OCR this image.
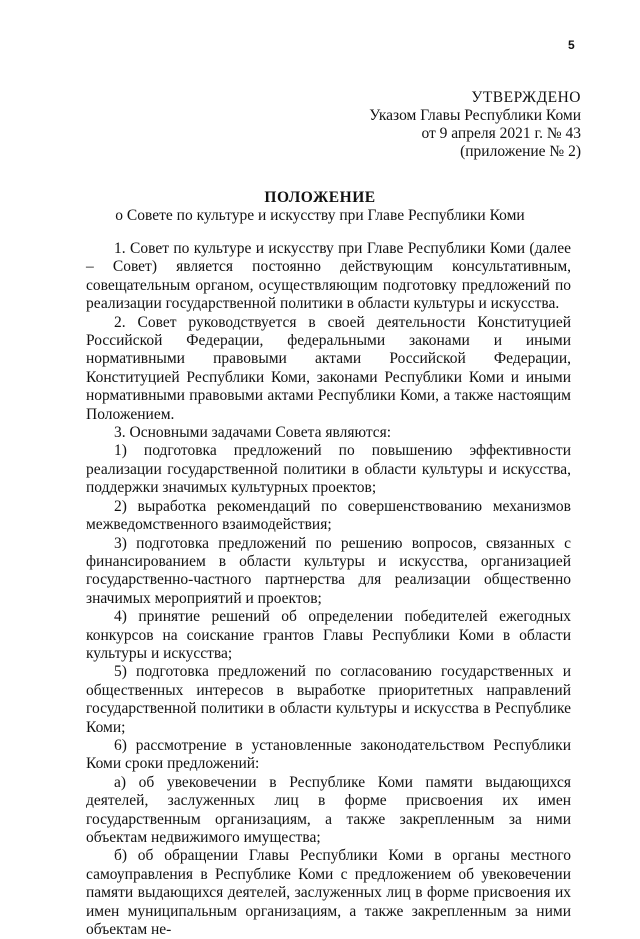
5
УТВЕРЖДЕНО
Указом Главы Республики Коми
от 9 апреля 2021 г. № 43
(приложение № 2)
ПОЛОЖЕНИЕ
о Совете по культуре и искусству при Главе Республики Коми

1. Совет по культуре и искусству при Главе Республики Коми (далее – Совет) является постоянно действующим консультативным, совещательным органом, осуществляющим подготовку предложений по реализации государственной политики в области культуры и искусства.

2. Совет руководствуется в своей деятельности Конституцией Российской Федерации, федеральными законами и иными нормативными правовыми актами Российской Федерации, Конституцией Республики Коми, законами Республики Коми и иными нормативными правовыми актами Республики Коми, а также настоящим Положением.

3. Основными задачами Совета являются:

1) подготовка предложений по повышению эффективности реализации государственной политики в области культуры и искусства, поддержки значимых культурных проектов;

2) выработка рекомендаций по совершенствованию механизмов межведомственного взаимодействия;

3) подготовка предложений по решению вопросов, связанных с финансированием в области культуры и искусства, организацией государственно-частного партнерства для реализации общественно значимых мероприятий и проектов;

4) принятие решений об определении победителей ежегодных конкурсов на соискание грантов Главы Республики Коми в области культуры и искусства;

5) подготовка предложений по согласованию государственных и общественных интересов в выработке приоритетных направлений государственной политики в области культуры и искусства в Республике Коми;

6) рассмотрение в установленные законодательством Республики Коми сроки предложений:

а) об увековечении в Республике Коми памяти выдающихся деятелей, заслуженных лиц в форме присвоения их имен государственным организациям, а также закрепленным за ними объектам недвижимого имущества;

б) об обращении Главы Республики Коми в органы местного самоуправления в Республике Коми с предложением об увековечении памяти выдающихся деятелей, заслуженных лиц в форме присвоения их имен муниципальным организациям, а также закрепленным за ними объектам не-
